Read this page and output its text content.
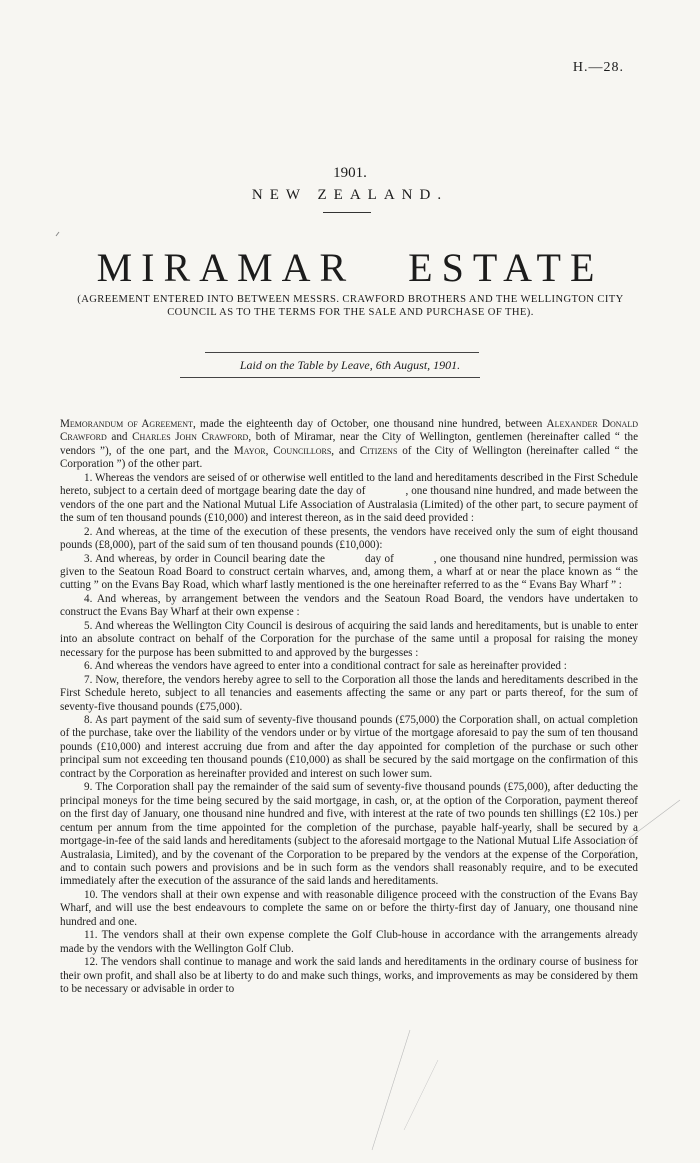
H.—28.
1901.
NEW ZEALAND.
MIRAMAR ESTATE
(AGREEMENT ENTERED INTO BETWEEN MESSRS. CRAWFORD BROTHERS AND THE WELLINGTON CITY COUNCIL AS TO THE TERMS FOR THE SALE AND PURCHASE OF THE).
Laid on the Table by Leave, 6th August, 1901.

Memorandum of Agreement, made the eighteenth day of October, one thousand nine hundred, between Alexander Donald Crawford and Charles John Crawford, both of Miramar, near the City of Wellington, gentlemen (hereinafter called “ the vendors ”), of the one part, and the Mayor, Councillors, and Citizens of the City of Wellington (hereinafter called “ the Corporation ”) of the other part.

1. Whereas the vendors are seised of or otherwise well entitled to the land and hereditaments described in the First Schedule hereto, subject to a certain deed of mortgage bearing date the day of	, one thousand nine hundred, and made between the vendors of the one part and the National Mutual Life Association of Australasia (Limited) of the other part, to secure payment of the sum of ten thousand pounds (£10,000) and interest thereon, as in the said deed provided :

2. And whereas, at the time of the execution of these presents, the vendors have received only the sum of eight thousand pounds (£8,000), part of the said sum of ten thousand pounds (£10,000):

3. And whereas, by order in Council bearing date the	day of	, one thousand nine hundred, permission was given to the Seatoun Road Board to construct certain wharves, and, among them, a wharf at or near the place known as “ the cutting ” on the Evans Bay Road, which wharf lastly mentioned is the one hereinafter referred to as the “ Evans Bay Wharf ” :

4. And whereas, by arrangement between the vendors and the Seatoun Road Board, the vendors have undertaken to construct the Evans Bay Wharf at their own expense :

5. And whereas the Wellington City Council is desirous of acquiring the said lands and hereditaments, but is unable to enter into an absolute contract on behalf of the Corporation for the purchase of the same until a proposal for raising the money necessary for the purpose has been submitted to and approved by the burgesses :

6. And whereas the vendors have agreed to enter into a conditional contract for sale as hereinafter provided :

7. Now, therefore, the vendors hereby agree to sell to the Corporation all those the lands and hereditaments described in the First Schedule hereto, subject to all tenancies and easements affecting the same or any part or parts thereof, for the sum of seventy-five thousand pounds (£75,000).

8. As part payment of the said sum of seventy-five thousand pounds (£75,000) the Corporation shall, on actual completion of the purchase, take over the liability of the vendors under or by virtue of the mortgage aforesaid to pay the sum of ten thousand pounds (£10,000) and interest accruing due from and after the day appointed for completion of the purchase or such other principal sum not exceeding ten thousand pounds (£10,000) as shall be secured by the said mortgage on the confirmation of this contract by the Corporation as hereinafter provided and interest on such lower sum.

9. The Corporation shall pay the remainder of the said sum of seventy-five thousand pounds (£75,000), after deducting the principal moneys for the time being secured by the said mortgage, in cash, or, at the option of the Corporation, payment thereof on the first day of January, one thousand nine hundred and five, with interest at the rate of two pounds ten shillings (£2 10s.) per centum per annum from the time appointed for the completion of the purchase, payable half-yearly, shall be secured by a mortgage-in-fee of the said lands and hereditaments (subject to the aforesaid mortgage to the National Mutual Life Association of Australasia, Limited), and by the covenant of the Corporation to be prepared by the vendors at the expense of the Corporation, and to contain such powers and provisions and be in such form as the vendors shall reasonably require, and to be executed immediately after the execution of the assurance of the said lands and hereditaments.

10. The vendors shall at their own expense and with reasonable diligence proceed with the construction of the Evans Bay Wharf, and will use the best endeavours to complete the same on or before the thirty-first day of January, one thousand nine hundred and one.

11. The vendors shall at their own expense complete the Golf Club-house in accordance with the arrangements already made by the vendors with the Wellington Golf Club.

12. The vendors shall continue to manage and work the said lands and hereditaments in the ordinary course of business for their own profit, and shall also be at liberty to do and make such things, works, and improvements as may be considered by them to be necessary or advisable in order to
